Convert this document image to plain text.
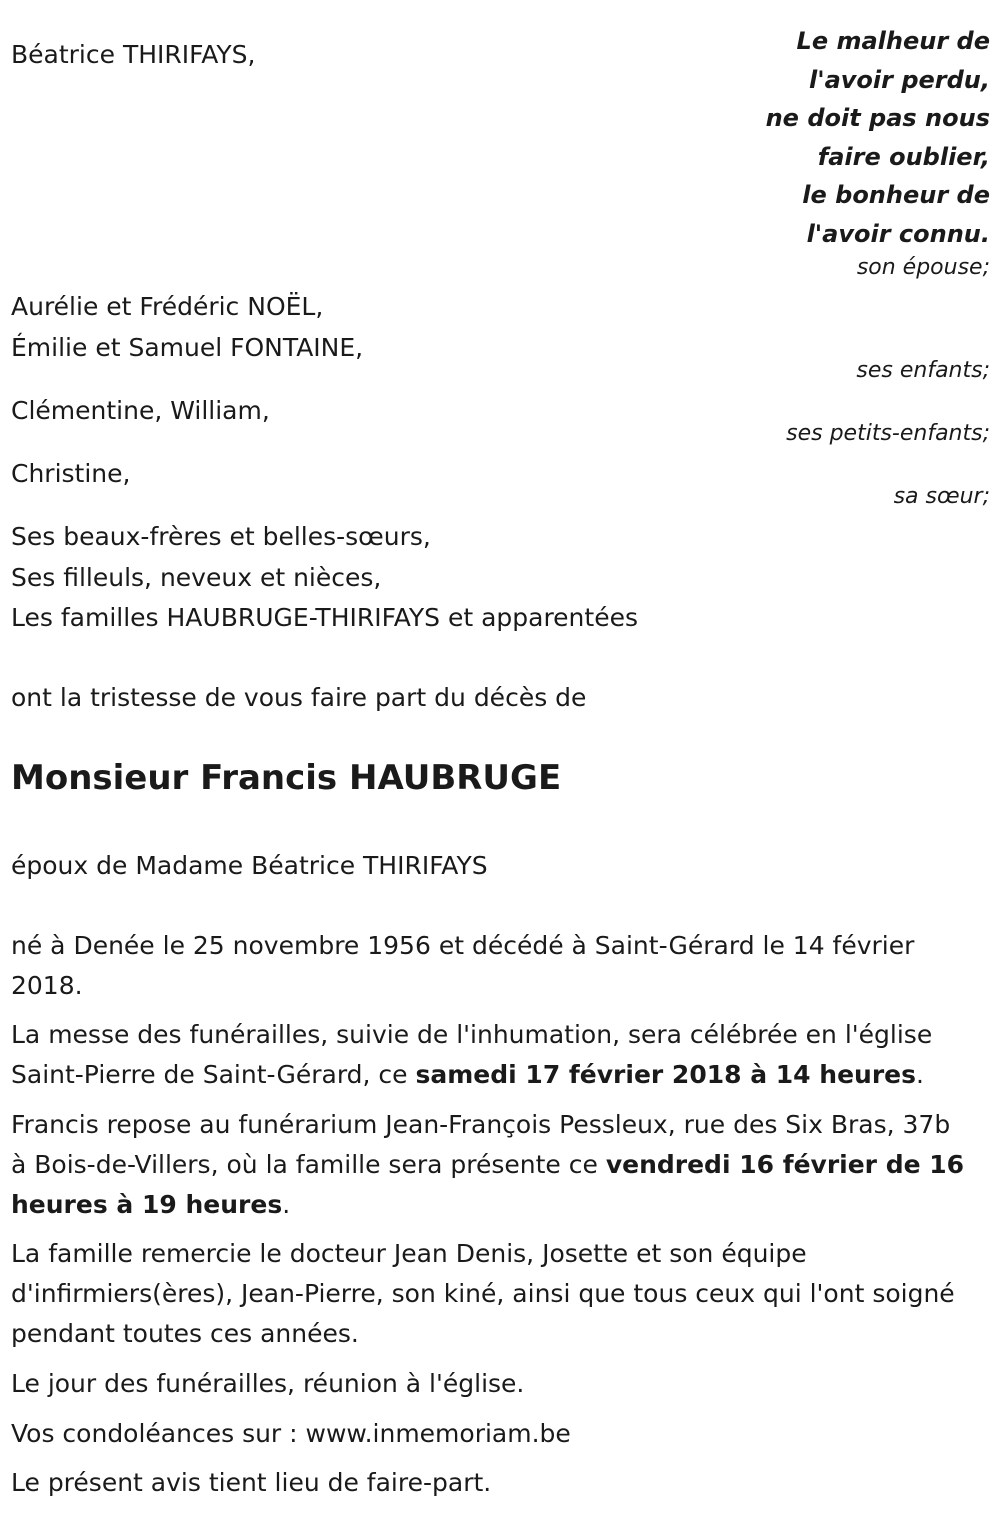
Béatrice THIRIFAYS,	Le malheur de
l'avoir perdu,
ne doit pas nous
faire oublier,
le bonheur de
l'avoir connu.
son épouse;
Aurélie et Frédéric NOËL,
Émilie et Samuel FONTAINE,
ses enfants;
Clémentine, William,
ses petits-enfants;
Christine,
sa sœur;
Ses beaux-frères et belles-sœurs,
Ses filleuls, neveux et nièces,
Les familles HAUBRUGE-THIRIFAYS et apparentées
ont la tristesse de vous faire part du décès de
Monsieur Francis HAUBRUGE
époux de Madame Béatrice THIRIFAYS
né à Denée le 25 novembre 1956 et décédé à Saint-Gérard le 14 février 2018.
La messe des funérailles, suivie de l'inhumation, sera célébrée en l'église Saint-Pierre de Saint-Gérard, ce samedi 17 février 2018 à 14 heures.
Francis repose au funérarium Jean-François Pessleux, rue des Six Bras, 37b à Bois-de-Villers, où la famille sera présente ce vendredi 16 février de 16 heures à 19 heures.
La famille remercie le docteur Jean Denis, Josette et son équipe d'infirmiers(ères), Jean-Pierre, son kiné, ainsi que tous ceux qui l'ont soigné pendant toutes ces années.
Le jour des funérailles, réunion à l'église.
Vos condoléances sur : www.inmemoriam.be
Le présent avis tient lieu de faire-part.
